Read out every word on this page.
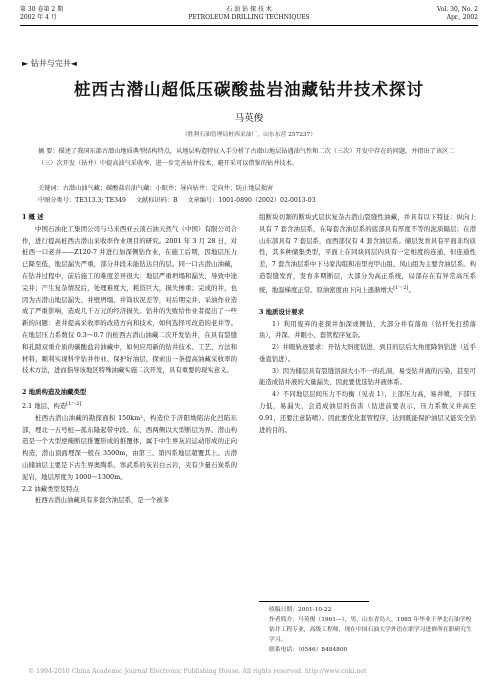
第 30 卷第 2 期
2002 年 4 月
石 油 钻 探 技 术
PETROLEUM DRILLING TECHNIQUES
Vol. 30, No. 2
Apr., 2002
► 钻井与完井◄
桩西古潜山超低压碳酸盐岩油藏钻井技术探讨
马英俊
（胜利石油管理局桩西采油厂，山东东营 257237）
摘 要：描述了我国东部古潜山地质典型结构特点，从地层构造特征入手分析了古潜山地层钻遇油气性和二次（三次）开发中存在的问题，并指出了该区二（三）次开发（钻井）中提高油气采收率，进一步完善钻井技术，避开采可以借鉴的钻井技术。
关键词：古潜山油气藏；碳酸盐岩油气藏；小眼井；导向钻井；定向井；防止地层损害
中图分类号：TE313.3; TE349 文献标识码：B 文章编号：1001-0890（2002）02-0013-03

1 概 述

中国石油化工集团公司与马来西亚云顶石油天然气（中国）有限公司合作，进行提高桩西古潜山采收率作业项目的研究。2001 年 3 月 28 日，对桩西一口老井——Z120-7 井进行加深侧钻作业，在施工后期，因地层压力已降至低，地层漏失严重，部分井段未能钻达目的层。同一口古潜山油藏，在钻井过程中，前后施工的难度差异很大：地层严重坍塌和漏失，导致中途完井；产生复杂情况后，处理难度大，耗资巨大，损失惨重；完成的井，也因为古潜山地层漏失、井壁坍塌、井筒状况差等，对后期完井、采油作业造成了严重影响，造成几千万元的经济损失。钻井的失败给作业者提出了一些新的问题：老井提高采收率的改造方向和技术，如何选择可改造的老井等。在地层压力系数仅 0.3～0.7 的桩西古潜山油藏二次开发钻井，在具有裂缝和孔隙双重介质的碳酸盐岩油藏中，如何应用新的钻井技术、工艺、方法和材料，顺利实现科学钻井作业、保护好油层，探索出一条提高油藏采收率的技术方法，进而指导该地区特殊油藏实施二次开发，具有重要的现实意义。

2 地质构造及油藏类型

2.1 地层、构造[1～2]

桩西古潜山油藏的勘探面积 150km²，构造位于济阳坳陷沾化凹陷东部，埋北一五号桩—孤东隆起带中段。东、西两侧以大型断层为界。潜山构造是一个大型逆掩断层推覆形成的推覆体，属于中生界灰岩运动形成的正向构造，潜山顶面埋深一般在 3500m，由第三、第四系地层超覆其上。古潜山储油层主要是下古生界奥陶系、寒武系的灰岩白云岩，夹有少量石炭系的泥岩，地层厚度为 1000～1300m。

2.2 油藏类型及特点

桩西古潜山油藏具有多套含油层系，是一个被多

组断块切割的断块式层状复杂古潜山裂缝性油藏，并具有以下特征：纵向上具有 7 套含油层系，在每套含油层系的底部具有厚度不等的泥质隔层；在潜山东部具有 7 套层系，而西部仅有 4 套含油层系。储层发育具有平面非均质性，其多种储集类型，平面上在同块同层内具有一定相度的连通，但连通性差，7 套含油层系中下马家沟组和冶里亮甲山组、凤山组为主要含油层系。构造裂缝发育，发育多期断层，大部分为高正系统，局部存在有异常高压系统，地温梯度正常。原油密度由下向上逐渐增大[1～2]。

3 地质设计要求

1）利用废弃的老探井加深或侧钻，大部分井有落鱼（钻杆先打捞落鱼），井深、井眼小、套管程序复杂。

2）井眼轨迹要求：开钻大斜度钻进，到目的层后大角度降斜钻进（近乎垂直钻进）。

3）因为储层具有裂缝溶洞大小不一的孔洞，易受钻井液的污染，甚至可能造成钻井液的大量漏失，因此要优选钻井液体系。

4）不同地层层间压力不均衡（见表 1），上部压力高，易井喷，下部压力低，易漏失，会造成油层的伤害（钻进前要表示，压力系数又井高至 0.91，还要注意防喷）。因此要优化套管程序，达到既能保护油层又能安全钻进的目的。

收稿日期：2001-10-22
作者简介：马英俊（1961—），男，山东青岛人，1985 年毕业于华北石油学校钻井工程专业，高级工程师，现在中国石油大学外语在职学习进修所在职研究生学习。
联系电话：（0546）8484800
© 1994-2010 China Academic Journal Electronic Publishing House. All rights reserved. http://www.cnki.net
